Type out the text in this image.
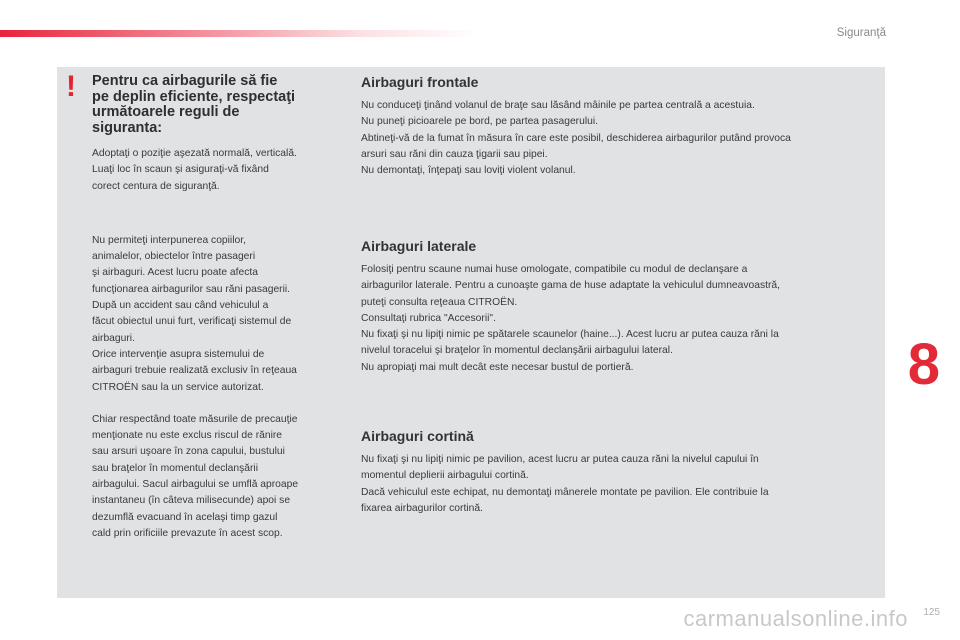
Siguranţă
! Pentru ca airbagurile să fie
pe deplin eficiente, respectaţi
următoarele reguli de
siguranta:

Adoptaţi o poziţie aşezată normală, verticală.
Luaţi loc în scaun şi asiguraţi-vă fixând
corect centura de siguranţă.

Nu permiteţi interpunerea copiilor,
animalelor, obiectelor între pasageri
şi airbaguri. Acest lucru poate afecta
funcţionarea airbagurilor sau răni pasagerii.
După un accident sau când vehiculul a
făcut obiectul unui furt, verificaţi sistemul de
airbaguri.
Orice intervenţie asupra sistemului de
airbaguri trebuie realizată exclusiv în reţeaua
CITROËN sau la un service autorizat.

Chiar respectând toate măsurile de precauţie
menţionate nu este exclus riscul de rănire
sau arsuri uşoare în zona capului, bustului
sau braţelor în momentul declanşării
airbagului. Sacul airbagului se umflă aproape
instantaneu (în câteva milisecunde) apoi se
dezumflă evacuand în acelaşi timp gazul
cald prin orificiile prevazute în acest scop.

Airbaguri frontale

Nu conduceţi ţinând volanul de braţe sau lăsând mâinile pe partea centrală a acestuia.
Nu puneţi picioarele pe bord, pe partea pasagerului.
Abtineţi-vă de la fumat în măsura în care este posibil, deschiderea airbagurilor putând provoca
arsuri sau răni din cauza ţigarii sau pipei.
Nu demontaţi, înţepaţi sau loviţi violent volanul.

Airbaguri laterale

Folosiţi pentru scaune numai huse omologate, compatibile cu modul de declanşare a
airbagurilor laterale. Pentru a cunoaşte gama de huse adaptate la vehiculul dumneavoastră,
puteţi consulta reţeaua CITROËN.
Consultaţi rubrica "Accesorii".
Nu fixaţi şi nu lipiţi nimic pe spătarele scaunelor (haine...). Acest lucru ar putea cauza răni la
nivelul toracelui şi braţelor în momentul declanşării airbagului lateral.
Nu apropiaţi mai mult decât este necesar bustul de portieră.

Airbaguri cortină

Nu fixaţi şi nu lipiţi nimic pe pavilion, acest lucru ar putea cauza răni la nivelul capului în
momentul deplierii airbagului cortină.
Dacă vehiculul este echipat, nu demontaţi mânerele montate pe pavilion. Ele contribuie la
fixarea airbagurilor cortină.

8
125
carmanualsonline.info
